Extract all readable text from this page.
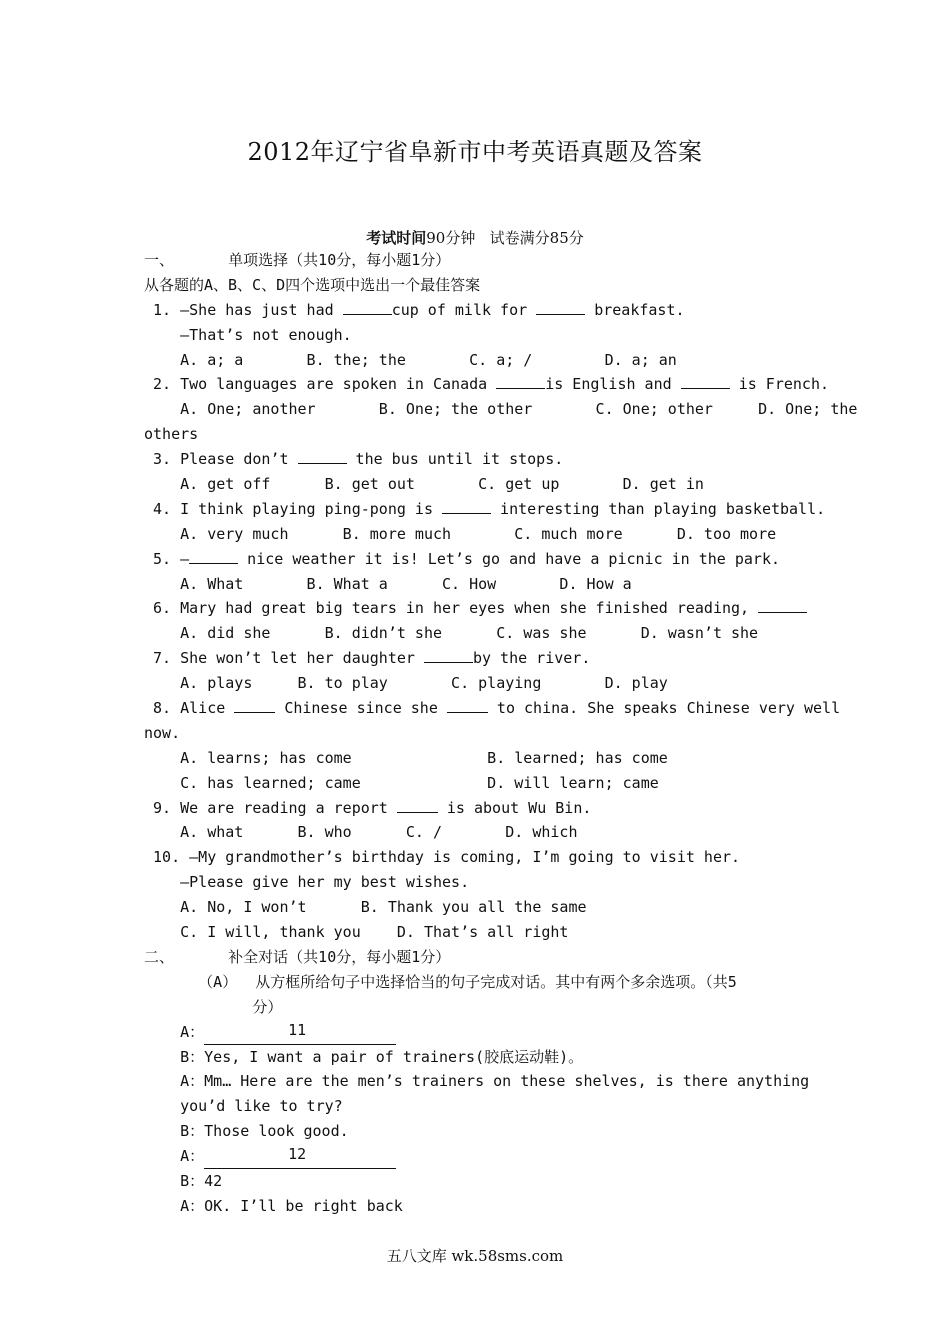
2012年辽宁省阜新市中考英语真题及答案
考试时间90分钟 试卷满分85分
一、      单项选择（共10分，每小题1分）
从各题的A、B、C、D四个选项中选出一个最佳答案
1. —She has just had	cup of milk for	breakfast.
—That’s not enough.
A. a; a       B. the; the       C. a; /        D. a; an
2. Two languages are spoken in Canada	is English and	is French.
A. One; another       B. One; the other       C. One; other     D. One; the
others
3. Please don’t	the bus until it stops.
A. get off      B. get out       C. get up       D. get in
4. I think playing ping-pong is	interesting than playing basketball.
A. very much      B. more much       C. much more      D. too more
5. —	nice weather it is! Let’s go and have a picnic in the park.
A. What       B. What a      C. How       D. How a
6. Mary had great big tears in her eyes when she finished reading,
A. did she      B. didn’t she      C. was she      D. wasn’t she
7. She won’t let her daughter	by the river.
A. plays     B. to play       C. playing       D. play
8. Alice	Chinese since she	to china. She speaks Chinese very well
now.
A. learns; has come               B. learned; has come
C. has learned; came              D. will learn; came
9. We are reading a report	is about Wu Bin.
A. what      B. who      C. /       D. which
10. —My grandmother’s birthday is coming, I’m going to visit her.
—Please give her my best wishes.
A. No, I won’t      B. Thank you all the same
C. I will, thank you    D. That’s all right
二、      补全对话（共10分，每小题1分）
（A）  从方框所给句子中选择恰当的句子完成对话。其中有两个多余选项。（共5
分）
A：	11
B：Yes, I want a pair of trainers(胶底运动鞋)。
A：Mm… Here are the men’s trainers on these shelves, is there anything
you’d like to try?
B：Those look good.
A：	12
B：42
A：OK. I’ll be right back
五八文库 wk.58sms.com
